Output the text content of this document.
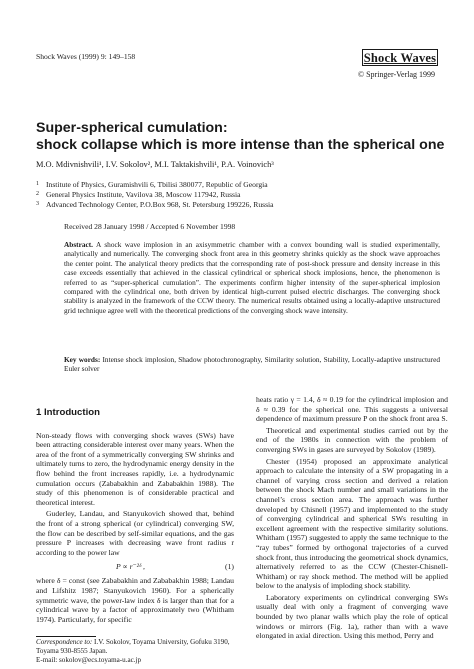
Shock Waves (1999) 9: 149–158	Shock Waves
© Springer-Verlag 1999
Super-spherical cumulation:
shock collapse which is more intense than the spherical one
M.O. Mdivnishvili¹, I.V. Sokolov², M.I. Taktakishvili¹, P.A. Voinovich³
1 Institute of Physics, Guramishvili 6, Tbilisi 380077, Republic of Georgia
2 General Physics Institute, Vavilova 38, Moscow 117942, Russia
3 Advanced Technology Center, P.O.Box 968, St. Petersburg 199226, Russia
Received 28 January 1998 / Accepted 6 November 1998
Abstract. A shock wave implosion in an axisymmetric chamber with a convex bounding wall is studied experimentally, analytically and numerically. The converging shock front area in this geometry shrinks quickly as the shock wave approaches the center point. The analytical theory predicts that the corresponding rate of post-shock pressure and density increase in this case exceeds essentially that achieved in the classical cylindrical or spherical shock implosions, hence, the phenomenon is referred to as “super-spherical cumulation”. The experiments confirm higher intensity of the super-spherical implosion compared with the cylindrical one, both driven by identical high-current pulsed electric discharges. The converging shock stability is analyzed in the framework of the CCW theory. The numerical results obtained using a locally-adaptive unstructured grid technique agree well with the theoretical predictions of the converging shock wave intensity.
Key words: Intense shock implosion, Shadow photochronography, Similarity solution, Stability, Locally-adaptive unstructured Euler solver
1 Introduction

Non-steady flows with converging shock waves (SWs) have been attracting considerable interest over many years. When the area of the front of a symmetrically converging SW shrinks and ultimately turns to zero, the hydrodynamic energy density in the flow behind the front increases rapidly, i.e. a hydrodynamic cumulation occurs (Zababakhin and Zababakhin 1988). The study of this phenomenon is of considerable practical and theoretical interest.

Guderley, Landau, and Stanyukovich showed that, behind the front of a strong spherical (or cylindrical) converging SW, the flow can be described by self-similar equations, and the gas pressure P increases with decreasing wave front radius r according to the power law

P ∝ r⁻²ᵟ ,	(1)

where δ = const (see Zababakhin and Zababakhin 1988; Landau and Lifshitz 1987; Stanyukovich 1960). For a spherically symmetric wave, the power-law index δ is larger than that for a cylindrical wave by a factor of approximately two (Whitham 1974). Particularly, for specific

heats ratio γ = 1.4, δ ≈ 0.19 for the cylindrical implosion and δ ≈ 0.39 for the spherical one. This suggests a universal dependence of maximum pressure P on the shock front area S.

Theoretical and experimental studies carried out by the end of the 1980s in connection with the problem of converging SWs in gases are surveyed by Sokolov (1989).

Chester (1954) proposed an approximate analytical approach to calculate the intensity of a SW propagating in a channel of varying cross section and derived a relation between the shock Mach number and small variations in the channel’s cross section area. The approach was further developed by Chisnell (1957) and implemented to the study of converging cylindrical and spherical SWs resulting in excellent agreement with the respective similarity solutions. Whitham (1957) suggested to apply the same technique to the “ray tubes” formed by orthogonal trajectories of a curved shock front, thus introducing the geometrical shock dynamics, alternatively referred to as the CCW (Chester-Chisnell-Whitham) or ray shock method. The method will be applied below to the analysis of imploding shock stability.

Laboratory experiments on cylindrical converging SWs usually deal with only a fragment of converging wave bounded by two planar walls which play the role of optical windows or mirrors (Fig. 1a), rather than with a wave elongated in axial direction. Using this method, Perry and

Correspondence to: I.V. Sokolov, Toyama University, Gofuku 3190, Toyama 930-8555 Japan.
E-mail: sokolov@ecs.toyama-u.ac.jp
